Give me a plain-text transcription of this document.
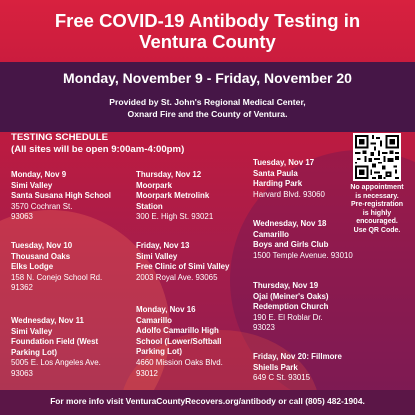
Free COVID-19 Antibody Testing in
Ventura County
Monday, November 9 - Friday, November 20
Provided by St. John's Regional Medical Center,
Oxnard Fire and the County of Ventura.
TESTING SCHEDULE
(All sites will be open 9:00am-4:00pm)
Monday, Nov 9
Simi Valley
Santa Susana High School
3570 Cochran St.
93063
Tuesday, Nov 10
Thousand Oaks
Elks Lodge
158 N. Conejo School Rd.
91362
Wednesday, Nov 11
Simi Valley
Foundation Field (West
Parking Lot)
5005 E. Los Angeles Ave.
93063
Thursday, Nov 12
Moorpark
Moorpark Metrolink
Station
300 E. High St. 93021
Friday, Nov 13
Simi Valley
Free Clinic of Simi Valley
2003 Royal Ave. 93065
Monday, Nov 16
Camarillo
Adolfo Camarillo High
School (Lower/Softball
Parking Lot)
4660 Mission Oaks Blvd.
93012
Tuesday, Nov 17
Santa Paula
Harding Park
Harvard Blvd. 93060
Wednesday, Nov 18
Camarillo
Boys and Girls Club
1500 Temple Avenue. 93010
Thursday, Nov 19
Ojai (Meiner's Oaks)
Redemption Church
190 E. El Roblar Dr.
93023
Friday, Nov 20: Fillmore
Shiells Park
649 C St. 93015
No appointment
is necessary.
Pre-registration
is highly
encouraged.
Use QR Code.
For more info visit VenturaCountyRecovers.org/antibody or call (805) 482-1904.
